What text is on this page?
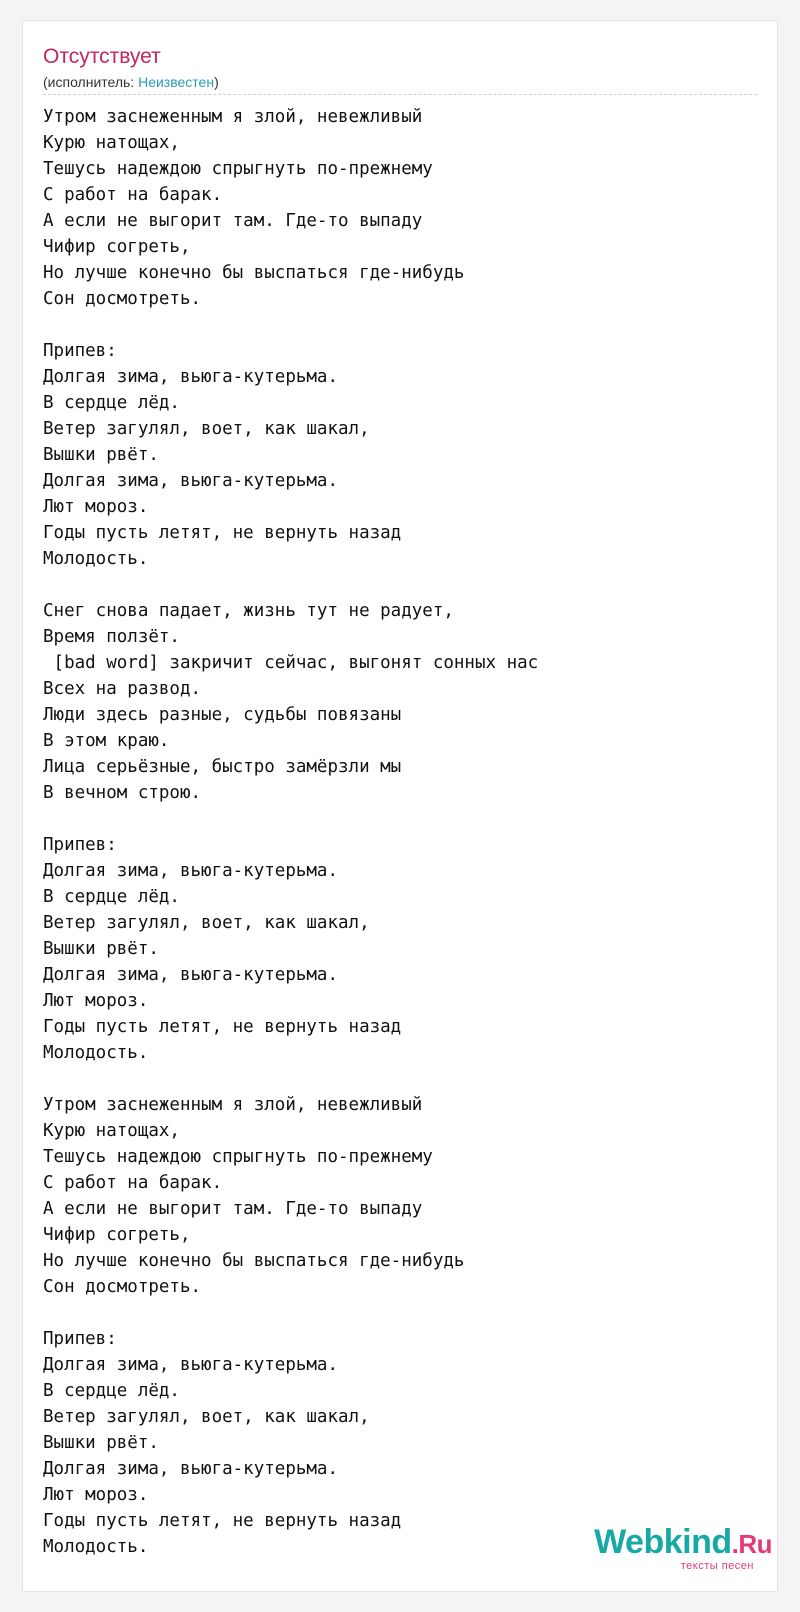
Отсутствует
(исполнитель: Неизвестен)
Утром заснеженным я злой, невежливый
Курю натощах,
Тешусь надеждою спрыгнуть по-прежнему
С работ на барак.
А если не выгорит там. Где-то выпаду
Чифир согреть,
Но лучше конечно бы выспаться где-нибудь
Сон досмотреть.

Припев:
Долгая зима, вьюга-кутерьма.
В сердце лёд.
Ветер загулял, воет, как шакал,
Вышки рвёт.
Долгая зима, вьюга-кутерьма.
Лют мороз.
Годы пусть летят, не вернуть назад
Молодость.

Снег снова падает, жизнь тут не радует,
Время ползёт.
[bad word] закричит сейчас, выгонят сонных нас
Всех на развод.
Люди здесь разные, судьбы повязаны
В этом краю.
Лица серьёзные, быстро замёрзли мы
В вечном строю.

Припев:
Долгая зима, вьюга-кутерьма.
В сердце лёд.
Ветер загулял, воет, как шакал,
Вышки рвёт.
Долгая зима, вьюга-кутерьма.
Лют мороз.
Годы пусть летят, не вернуть назад
Молодость.

Утром заснеженным я злой, невежливый
Курю натощах,
Тешусь надеждою спрыгнуть по-прежнему
С работ на барак.
А если не выгорит там. Где-то выпаду
Чифир согреть,
Но лучше конечно бы выспаться где-нибудь
Сон досмотреть.

Припев:
Долгая зима, вьюга-кутерьма.
В сердце лёд.
Ветер загулял, воет, как шакал,
Вышки рвёт.
Долгая зима, вьюга-кутерьма.
Лют мороз.
Годы пусть летят, не вернуть назад
Молодость.	Webkind.Ru
тексты песен
